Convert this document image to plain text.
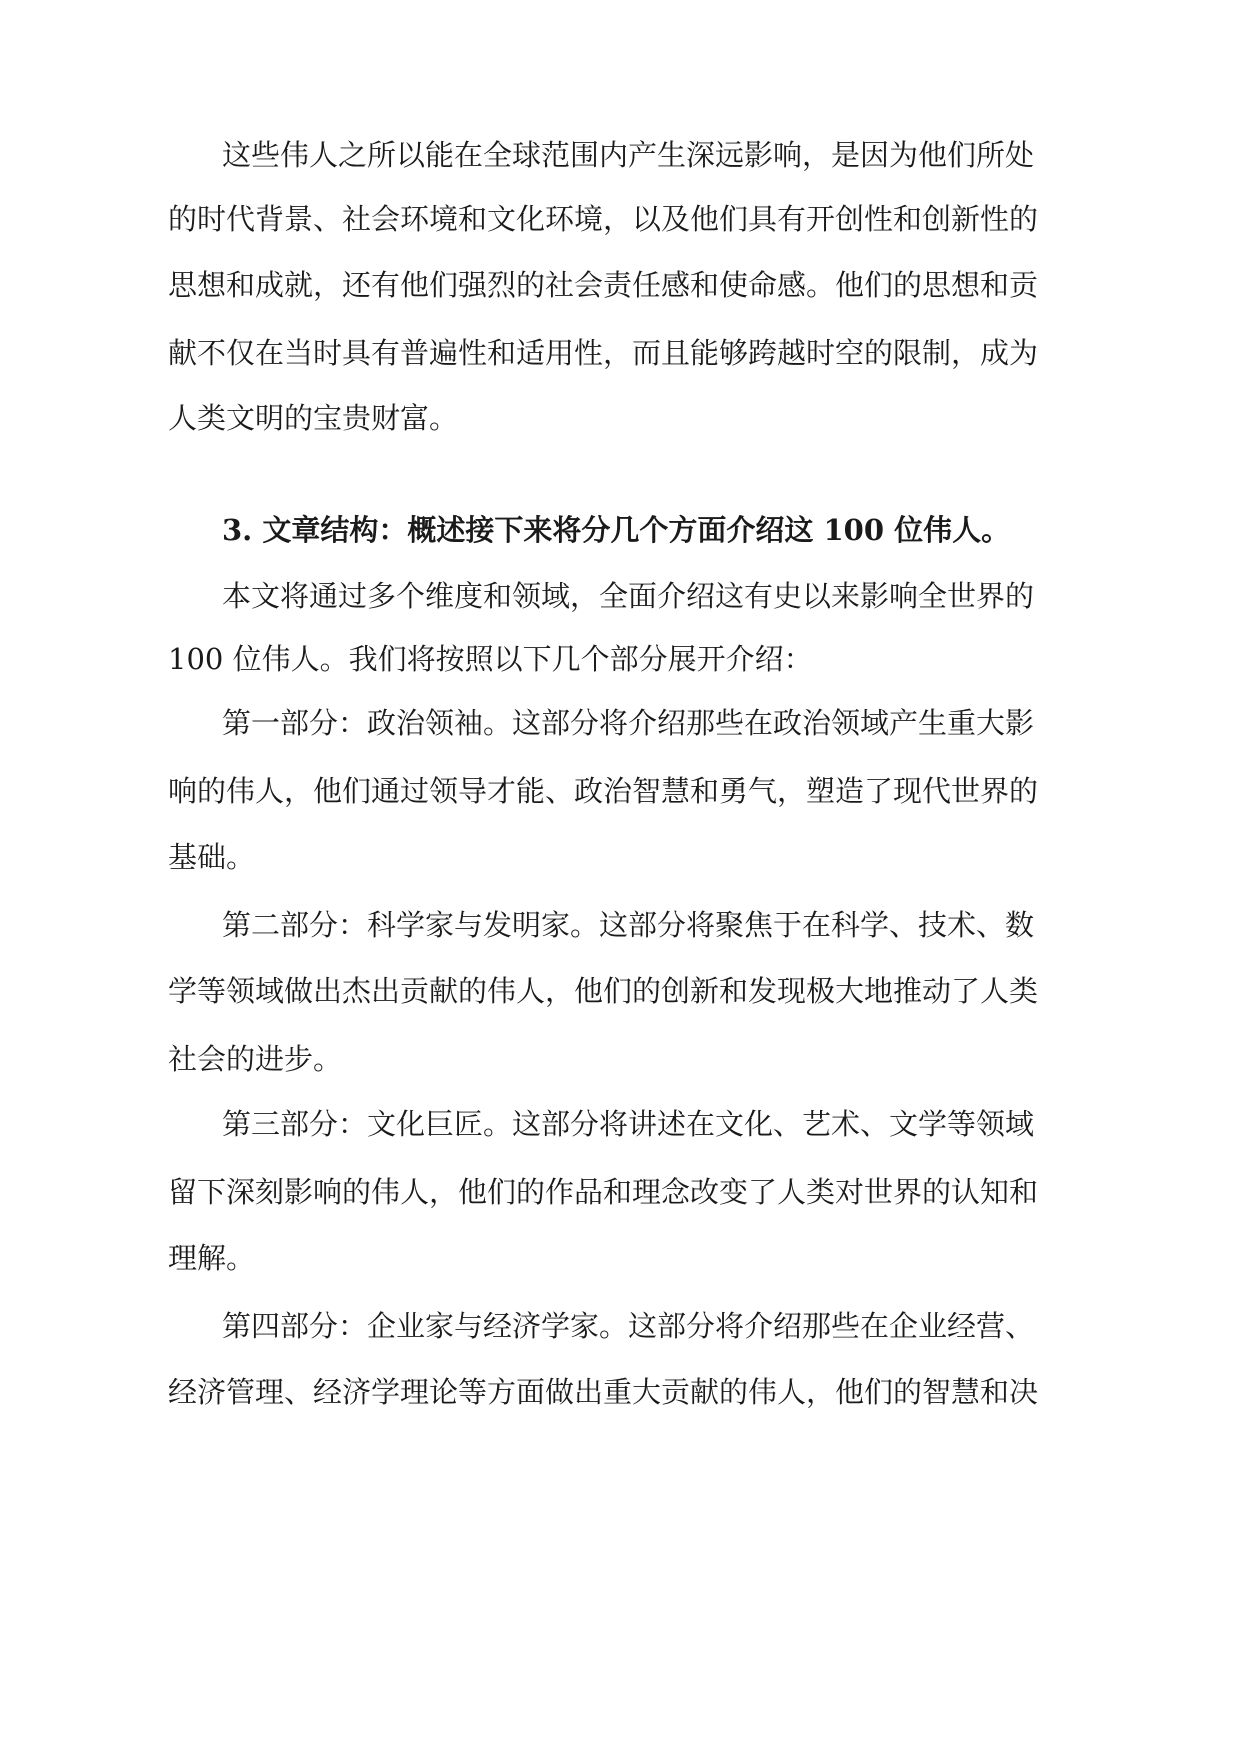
这些伟人之所以能在全球范围内产生深远影响，是因为他们所处
的时代背景、社会环境和文化环境，以及他们具有开创性和创新性的
思想和成就，还有他们强烈的社会责任感和使命感。他们的思想和贡
献不仅在当时具有普遍性和适用性，而且能够跨越时空的限制，成为
人类文明的宝贵财富。
3. 文章结构：概述接下来将分几个方面介绍这 100 位伟人。
本文将通过多个维度和领域，全面介绍这有史以来影响全世界的
100 位伟人。我们将按照以下几个部分展开介绍：
第一部分：政治领袖。这部分将介绍那些在政治领域产生重大影
响的伟人，他们通过领导才能、政治智慧和勇气，塑造了现代世界的
基础。
第二部分：科学家与发明家。这部分将聚焦于在科学、技术、数
学等领域做出杰出贡献的伟人，他们的创新和发现极大地推动了人类
社会的进步。
第三部分：文化巨匠。这部分将讲述在文化、艺术、文学等领域
留下深刻影响的伟人，他们的作品和理念改变了人类对世界的认知和
理解。
第四部分：企业家与经济学家。这部分将介绍那些在企业经营、
经济管理、经济学理论等方面做出重大贡献的伟人，他们的智慧和决
